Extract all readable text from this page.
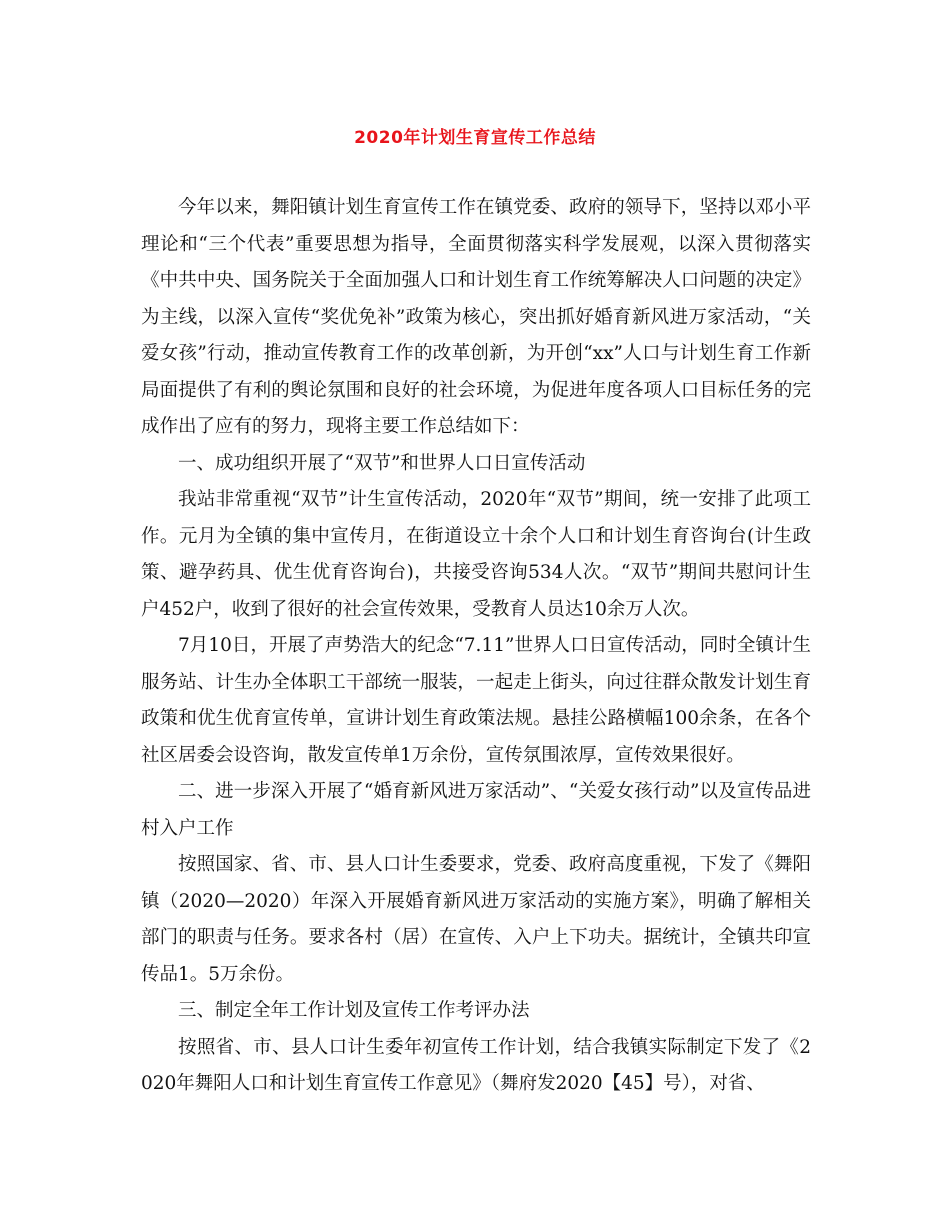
2020年计划生育宣传工作总结

今年以来，舞阳镇计划生育宣传工作在镇党委、政府的领导下，坚持以邓小平理论和“三个代表”重要思想为指导，全面贯彻落实科学发展观，以深入贯彻落实《中共中央、国务院关于全面加强人口和计划生育工作统筹解决人口问题的决定》为主线，以深入宣传“奖优免补”政策为核心，突出抓好婚育新风进万家活动，“关爱女孩”行动，推动宣传教育工作的改革创新，为开创“xx”人口与计划生育工作新局面提供了有利的舆论氛围和良好的社会环境，为促进年度各项人口目标任务的完成作出了应有的努力，现将主要工作总结如下：

一、成功组织开展了“双节”和世界人口日宣传活动

我站非常重视“双节”计生宣传活动，2020年“双节”期间，统一安排了此项工作。元月为全镇的集中宣传月，在街道设立十余个人口和计划生育咨询台(计生政策、避孕药具、优生优育咨询台)，共接受咨询534人次。“双节”期间共慰问计生户452户，收到了很好的社会宣传效果，受教育人员达10余万人次。

7月10日，开展了声势浩大的纪念“7.11”世界人口日宣传活动，同时全镇计生服务站、计生办全体职工干部统一服装，一起走上街头，向过往群众散发计划生育政策和优生优育宣传单，宣讲计划生育政策法规。悬挂公路横幅100余条，在各个社区居委会设咨询，散发宣传单1万余份，宣传氛围浓厚，宣传效果很好。

二、进一步深入开展了“婚育新风进万家活动”、“关爱女孩行动”以及宣传品进村入户工作

按照国家、省、市、县人口计生委要求，党委、政府高度重视，下发了《舞阳镇（2020—2020）年深入开展婚育新风进万家活动的实施方案》，明确了解相关部门的职责与任务。要求各村（居）在宣传、入户上下功夫。据统计，全镇共印宣传品1。5万余份。

三、制定全年工作计划及宣传工作考评办法

按照省、市、县人口计生委年初宣传工作计划，结合我镇实际制定下发了《2020年舞阳人口和计划生育宣传工作意见》（舞府发2020【45】号），对省、
